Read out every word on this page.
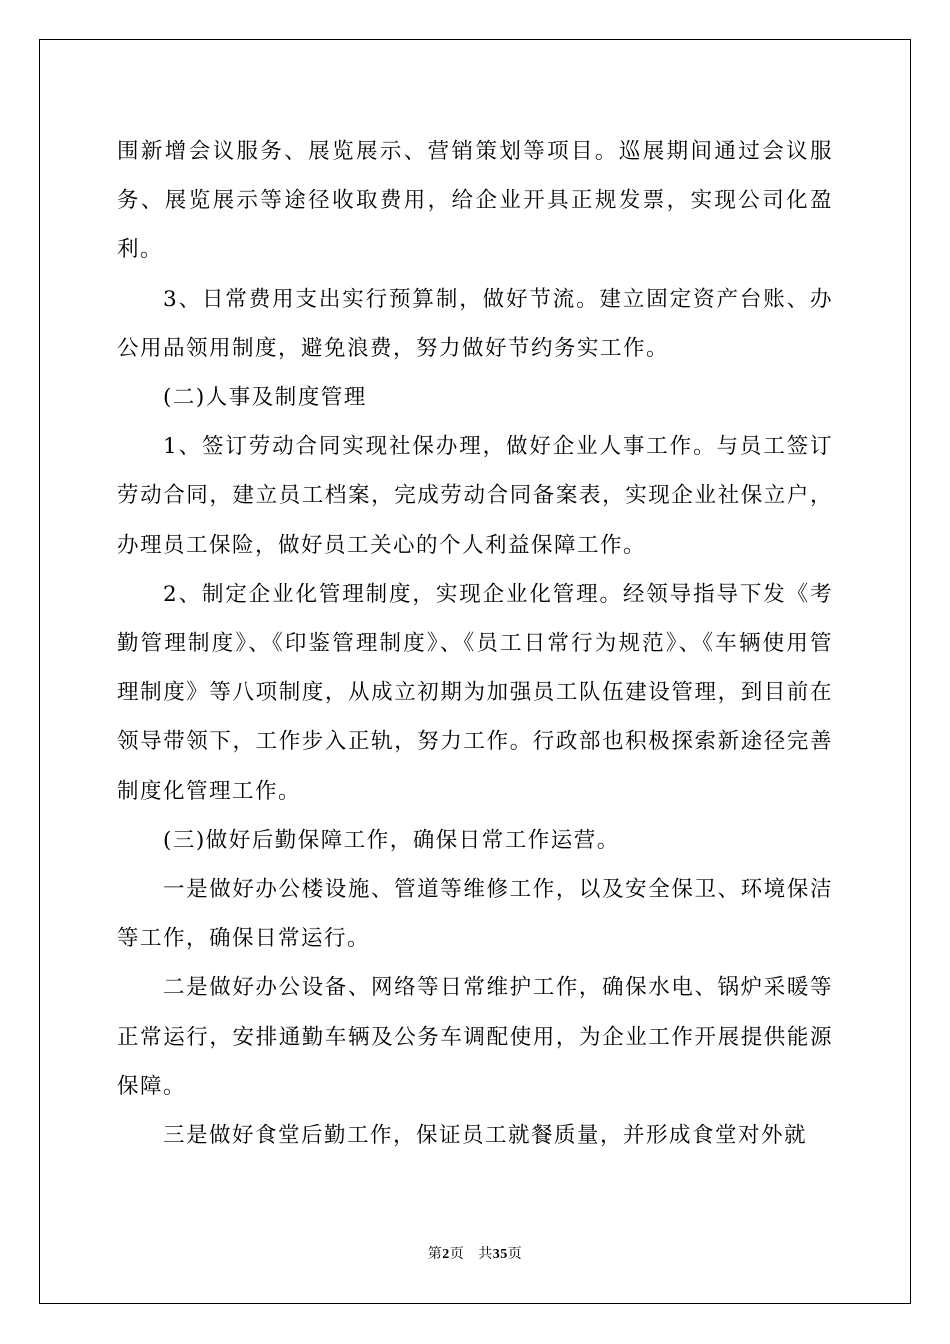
围新增会议服务、展览展示、营销策划等项目。巡展期间通过会议服务、展览展示等途径收取费用，给企业开具正规发票，实现公司化盈利。

3、日常费用支出实行预算制，做好节流。建立固定资产台账、办公用品领用制度，避免浪费，努力做好节约务实工作。

(二)人事及制度管理

1、签订劳动合同实现社保办理，做好企业人事工作。与员工签订劳动合同，建立员工档案，完成劳动合同备案表，实现企业社保立户，办理员工保险，做好员工关心的个人利益保障工作。

2、制定企业化管理制度，实现企业化管理。经领导指导下发《考勤管理制度》、《印鉴管理制度》、《员工日常行为规范》、《车辆使用管理制度》等八项制度，从成立初期为加强员工队伍建设管理，到目前在领导带领下，工作步入正轨，努力工作。行政部也积极探索新途径完善制度化管理工作。

(三)做好后勤保障工作，确保日常工作运营。

一是做好办公楼设施、管道等维修工作，以及安全保卫、环境保洁等工作，确保日常运行。

二是做好办公设备、网络等日常维护工作，确保水电、锅炉采暖等正常运行，安排通勤车辆及公务车调配使用，为企业工作开展提供能源保障。

三是做好食堂后勤工作，保证员工就餐质量，并形成食堂对外就

第2页 共35页
